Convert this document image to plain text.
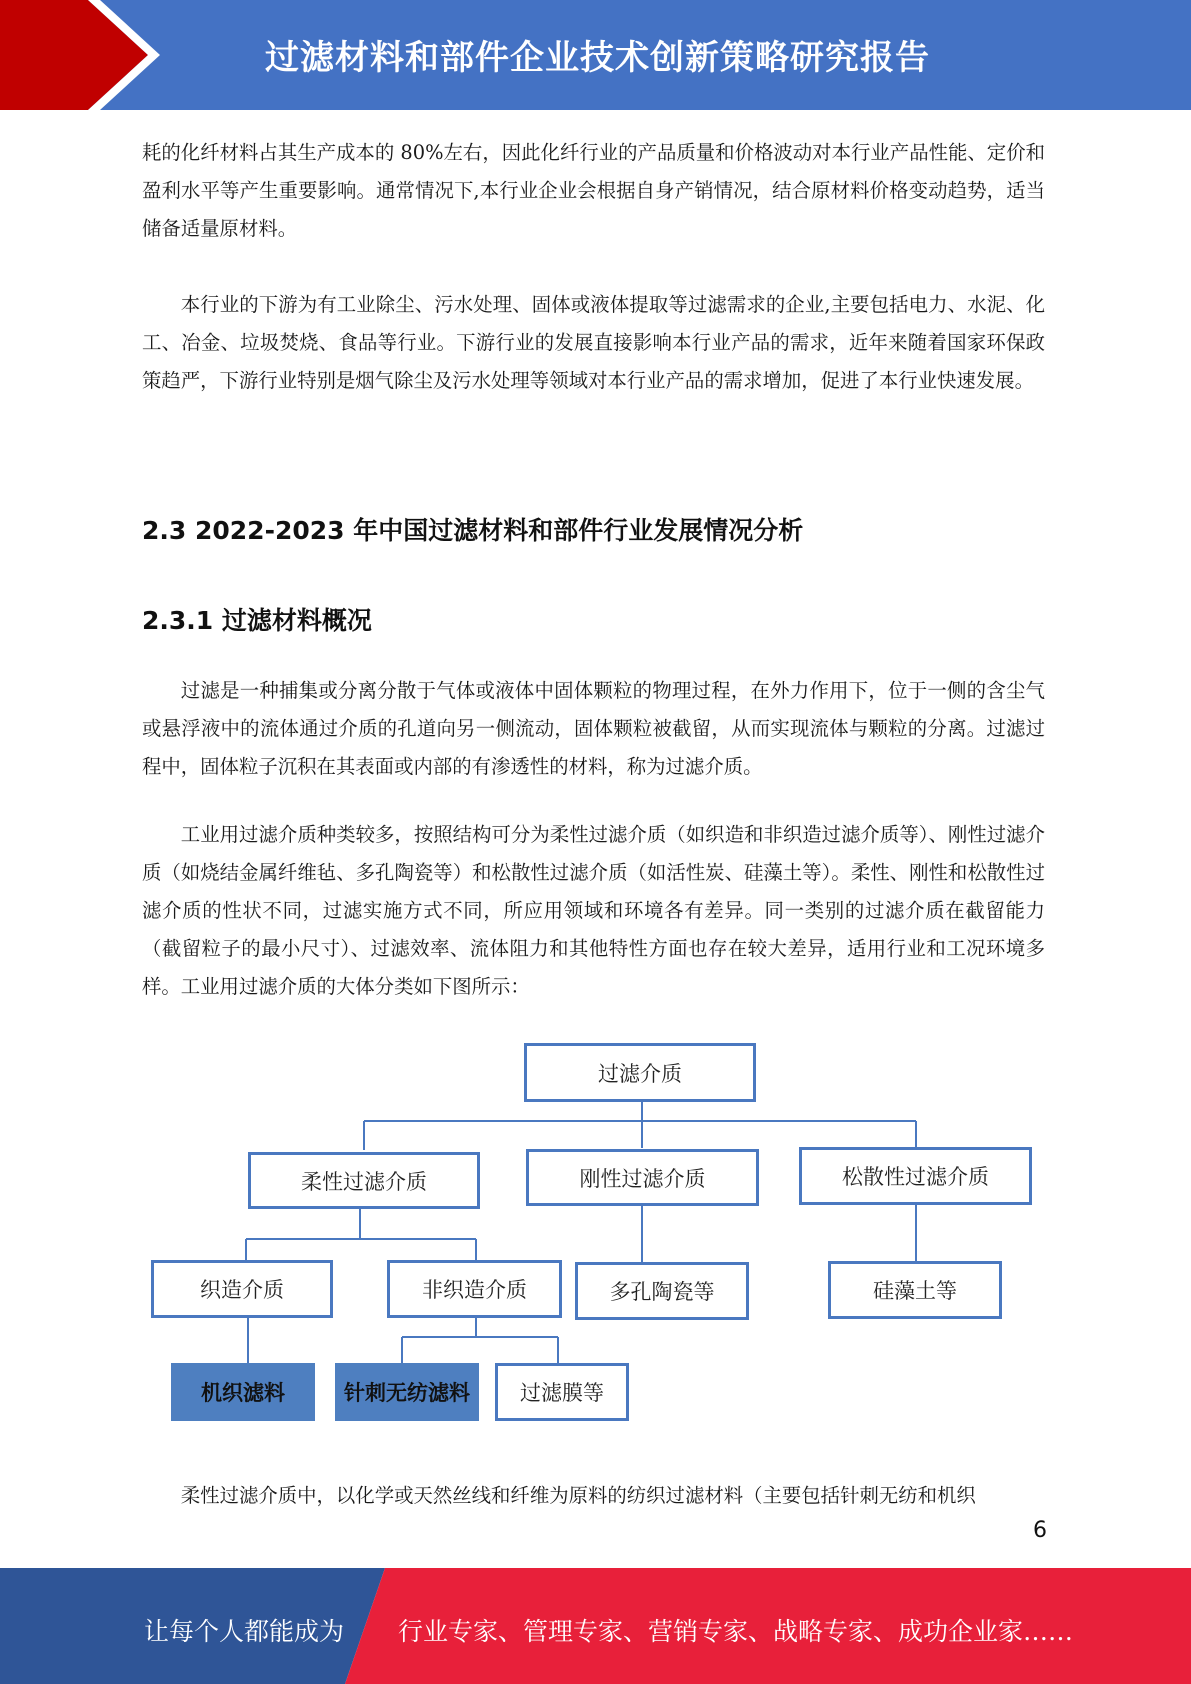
过滤材料和部件企业技术创新策略研究报告

耗的化纤材料占其生产成本的 80%左右，因此化纤行业的产品质量和价格波动对本行业产品性能、定价和盈利水平等产生重要影响。通常情况下,本行业企业会根据自身产销情况，结合原材料价格变动趋势，适当储备适量原材料。

本行业的下游为有工业除尘、污水处理、固体或液体提取等过滤需求的企业,主要包括电力、水泥、化工、冶金、垃圾焚烧、食品等行业。下游行业的发展直接影响本行业产品的需求，近年来随着国家环保政策趋严，下游行业特别是烟气除尘及污水处理等领域对本行业产品的需求增加，促进了本行业快速发展。

2.3 2022-2023 年中国过滤材料和部件行业发展情况分析
2.3.1 过滤材料概况

过滤是一种捕集或分离分散于气体或液体中固体颗粒的物理过程，在外力作用下，位于一侧的含尘气或悬浮液中的流体通过介质的孔道向另一侧流动，固体颗粒被截留，从而实现流体与颗粒的分离。过滤过程中，固体粒子沉积在其表面或内部的有渗透性的材料，称为过滤介质。

工业用过滤介质种类较多，按照结构可分为柔性过滤介质（如织造和非织造过滤介质等）、刚性过滤介质（如烧结金属纤维毡、多孔陶瓷等）和松散性过滤介质（如活性炭、硅藻土等）。柔性、刚性和松散性过滤介质的性状不同，过滤实施方式不同，所应用领域和环境各有差异。同一类别的过滤介质在截留能力（截留粒子的最小尺寸）、过滤效率、流体阻力和其他特性方面也存在较大差异，适用行业和工况环境多样。工业用过滤介质的大体分类如下图所示：

过滤介质
柔性过滤介质	刚性过滤介质	松散性过滤介质
织造介质	非织造介质	多孔陶瓷等	硅藻土等
机织滤料	针刺无纺滤料	过滤膜等

柔性过滤介质中，以化学或天然丝线和纤维为原料的纺织过滤材料（主要包括针刺无纺和机织

6
让每个人都能成为 行业专家、管理专家、营销专家、战略专家、成功企业家……
